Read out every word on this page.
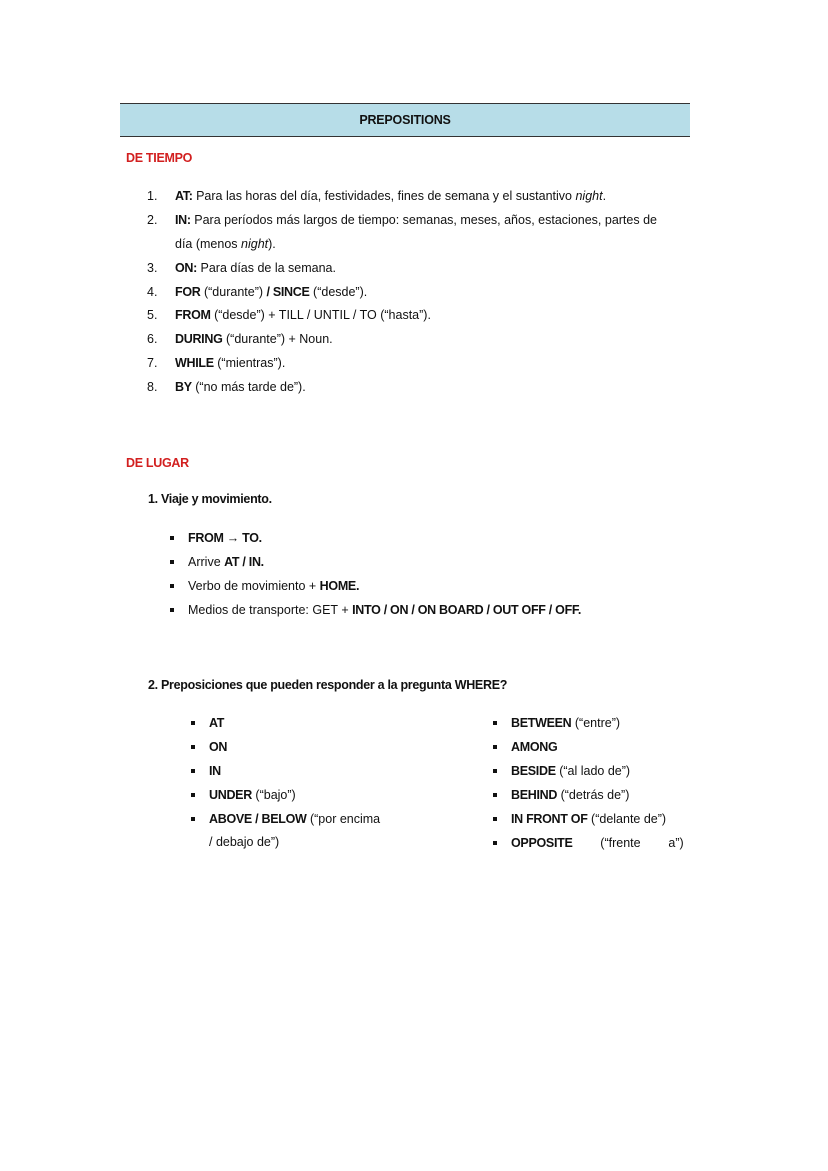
PREPOSITIONS
DE TIEMPO
1. AT: Para las horas del día, festividades, fines de semana y el sustantivo night.
2. IN: Para períodos más largos de tiempo: semanas, meses, años, estaciones, partes de
día (menos night).
3. ON: Para días de la semana.
4. FOR (“durante”) / SINCE (“desde”).
5. FROM (“desde”) + TILL / UNTIL / TO (“hasta”).
6. DURING (“durante”) + Noun.
7. WHILE (“mientras”).
8. BY (“no más tarde de”).
DE LUGAR
1. Viaje y movimiento.
FROM → TO.
Arrive AT / IN.
Verbo de movimiento + HOME.
Medios de transporte: GET + INTO / ON / ON BOARD / OUT OFF / OFF.
2. Preposiciones que pueden responder a la pregunta WHERE?
AT
ON
IN
UNDER (“bajo”)
ABOVE / BELOW (“por encima
/ debajo de”)
BETWEEN (“entre”)
AMONG
BESIDE (“al lado de”)
BEHIND (“detrás de”)
IN FRONT OF (“delante de”)
OPPOSITE        (“frente        a”)
